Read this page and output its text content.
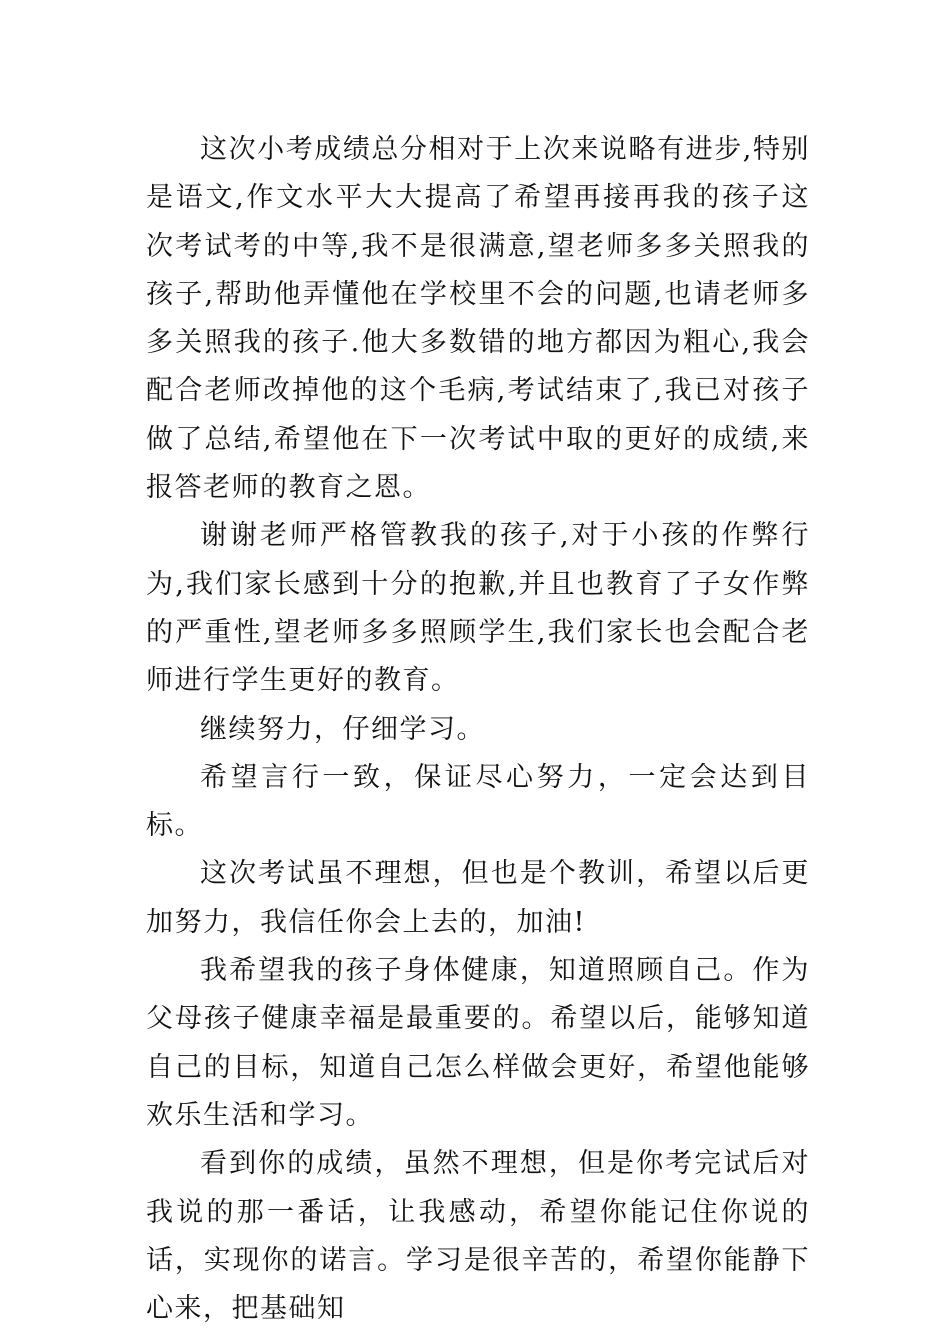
这次小考成绩总分相对于上次来说略有进步,特别是语文,作文水平大大提高了希望再接再我的孩子这次考试考的中等,我不是很满意,望老师多多关照我的孩子,帮助他弄懂他在学校里不会的问题,也请老师多多关照我的孩子.他大多数错的地方都因为粗心,我会配合老师改掉他的这个毛病,考试结束了,我已对孩子做了总结,希望他在下一次考试中取的更好的成绩,来报答老师的教育之恩。

谢谢老师严格管教我的孩子,对于小孩的作弊行为,我们家长感到十分的抱歉,并且也教育了子女作弊的严重性,望老师多多照顾学生,我们家长也会配合老师进行学生更好的教育。

继续努力，仔细学习。

希望言行一致，保证尽心努力，一定会达到目标。

这次考试虽不理想，但也是个教训，希望以后更加努力，我信任你会上去的，加油!

我希望我的孩子身体健康，知道照顾自己。作为父母孩子健康幸福是最重要的。希望以后，能够知道自己的目标，知道自己怎么样做会更好，希望他能够欢乐生活和学习。

看到你的成绩，虽然不理想，但是你考完试后对我说的那一番话，让我感动，希望你能记住你说的话，实现你的诺言。学习是很辛苦的，希望你能静下心来，把基础知
